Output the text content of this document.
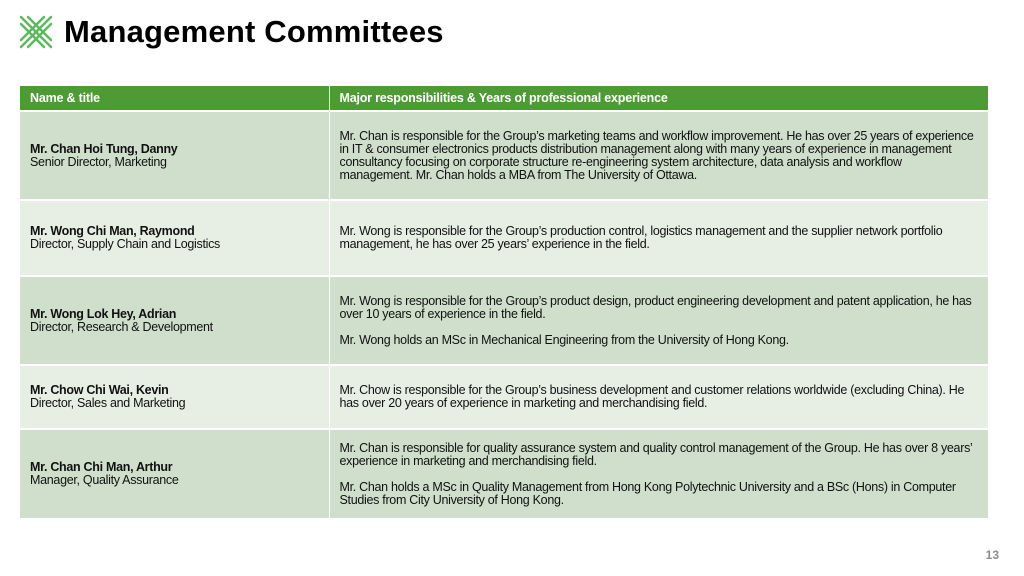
Management Committees
Name & title	Major responsibilities & Years of professional experience

Mr. Chan Hoi Tung, Danny
Senior Director, Marketing	Mr. Chan is responsible for the Group’s marketing teams and workflow improvement. He has over 25 years of experience in IT & consumer electronics products distribution management along with many years of experience in management consultancy focusing on corporate structure re-engineering system architecture, data analysis and workflow management. Mr. Chan holds a MBA from The University of Ottawa.

Mr. Wong Chi Man, Raymond
Director, Supply Chain and Logistics	Mr. Wong is responsible for the Group’s production control, logistics management and the supplier network portfolio management, he has over 25 years’ experience in the field.

Mr. Wong Lok Hey, Adrian
Director, Research & Development	Mr. Wong is responsible for the Group’s product design, product engineering development and patent application, he has over 10 years of experience in the field.
Mr. Wong holds an MSc in Mechanical Engineering from the University of Hong Kong.

Mr. Chow Chi Wai, Kevin
Director, Sales and Marketing	Mr. Chow is responsible for the Group’s business development and customer relations worldwide (excluding China). He has over 20 years of experience in marketing and merchandising field.

Mr. Chan Chi Man, Arthur
Manager, Quality Assurance	Mr. Chan is responsible for quality assurance system and quality control management of the Group. He has over 8 years’ experience in marketing and merchandising field.
Mr. Chan holds a MSc in Quality Management from Hong Kong Polytechnic University and a BSc (Hons) in Computer Studies from City University of Hong Kong.
13
